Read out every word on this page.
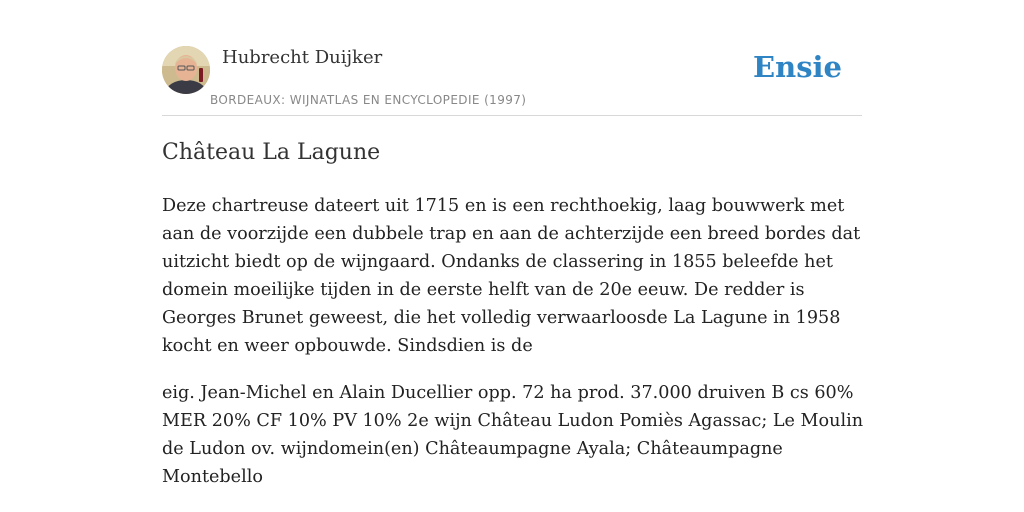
Hubrecht Duijker
BORDEAUX: WIJNATLAS EN ENCYCLOPEDIE (1997)
Ensie
Château La Lagune

Deze chartreuse dateert uit 1715 en is een rechthoekig, laag bouwwerk met aan de voorzijde een dubbele trap en aan de achterzijde een breed bordes dat uitzicht biedt op de wijngaard. Ondanks de classering in 1855 beleefde het domein moeilijke tijden in de eerste helft van de 20e eeuw. De redder is Georges Brunet geweest, die het volledig verwaarloosde La Lagune in 1958 kocht en weer opbouwde. Sindsdien is de

eig. Jean-Michel en Alain Ducellier opp. 72 ha prod. 37.000 druiven B cs 60% MER 20% CF 10% PV 10% 2e wijn Château Ludon Pomiès Agassac; Le Moulin de Ludon ov. wijndomein(en) Châteaumpagne Ayala; Châteaumpagne Montebello
